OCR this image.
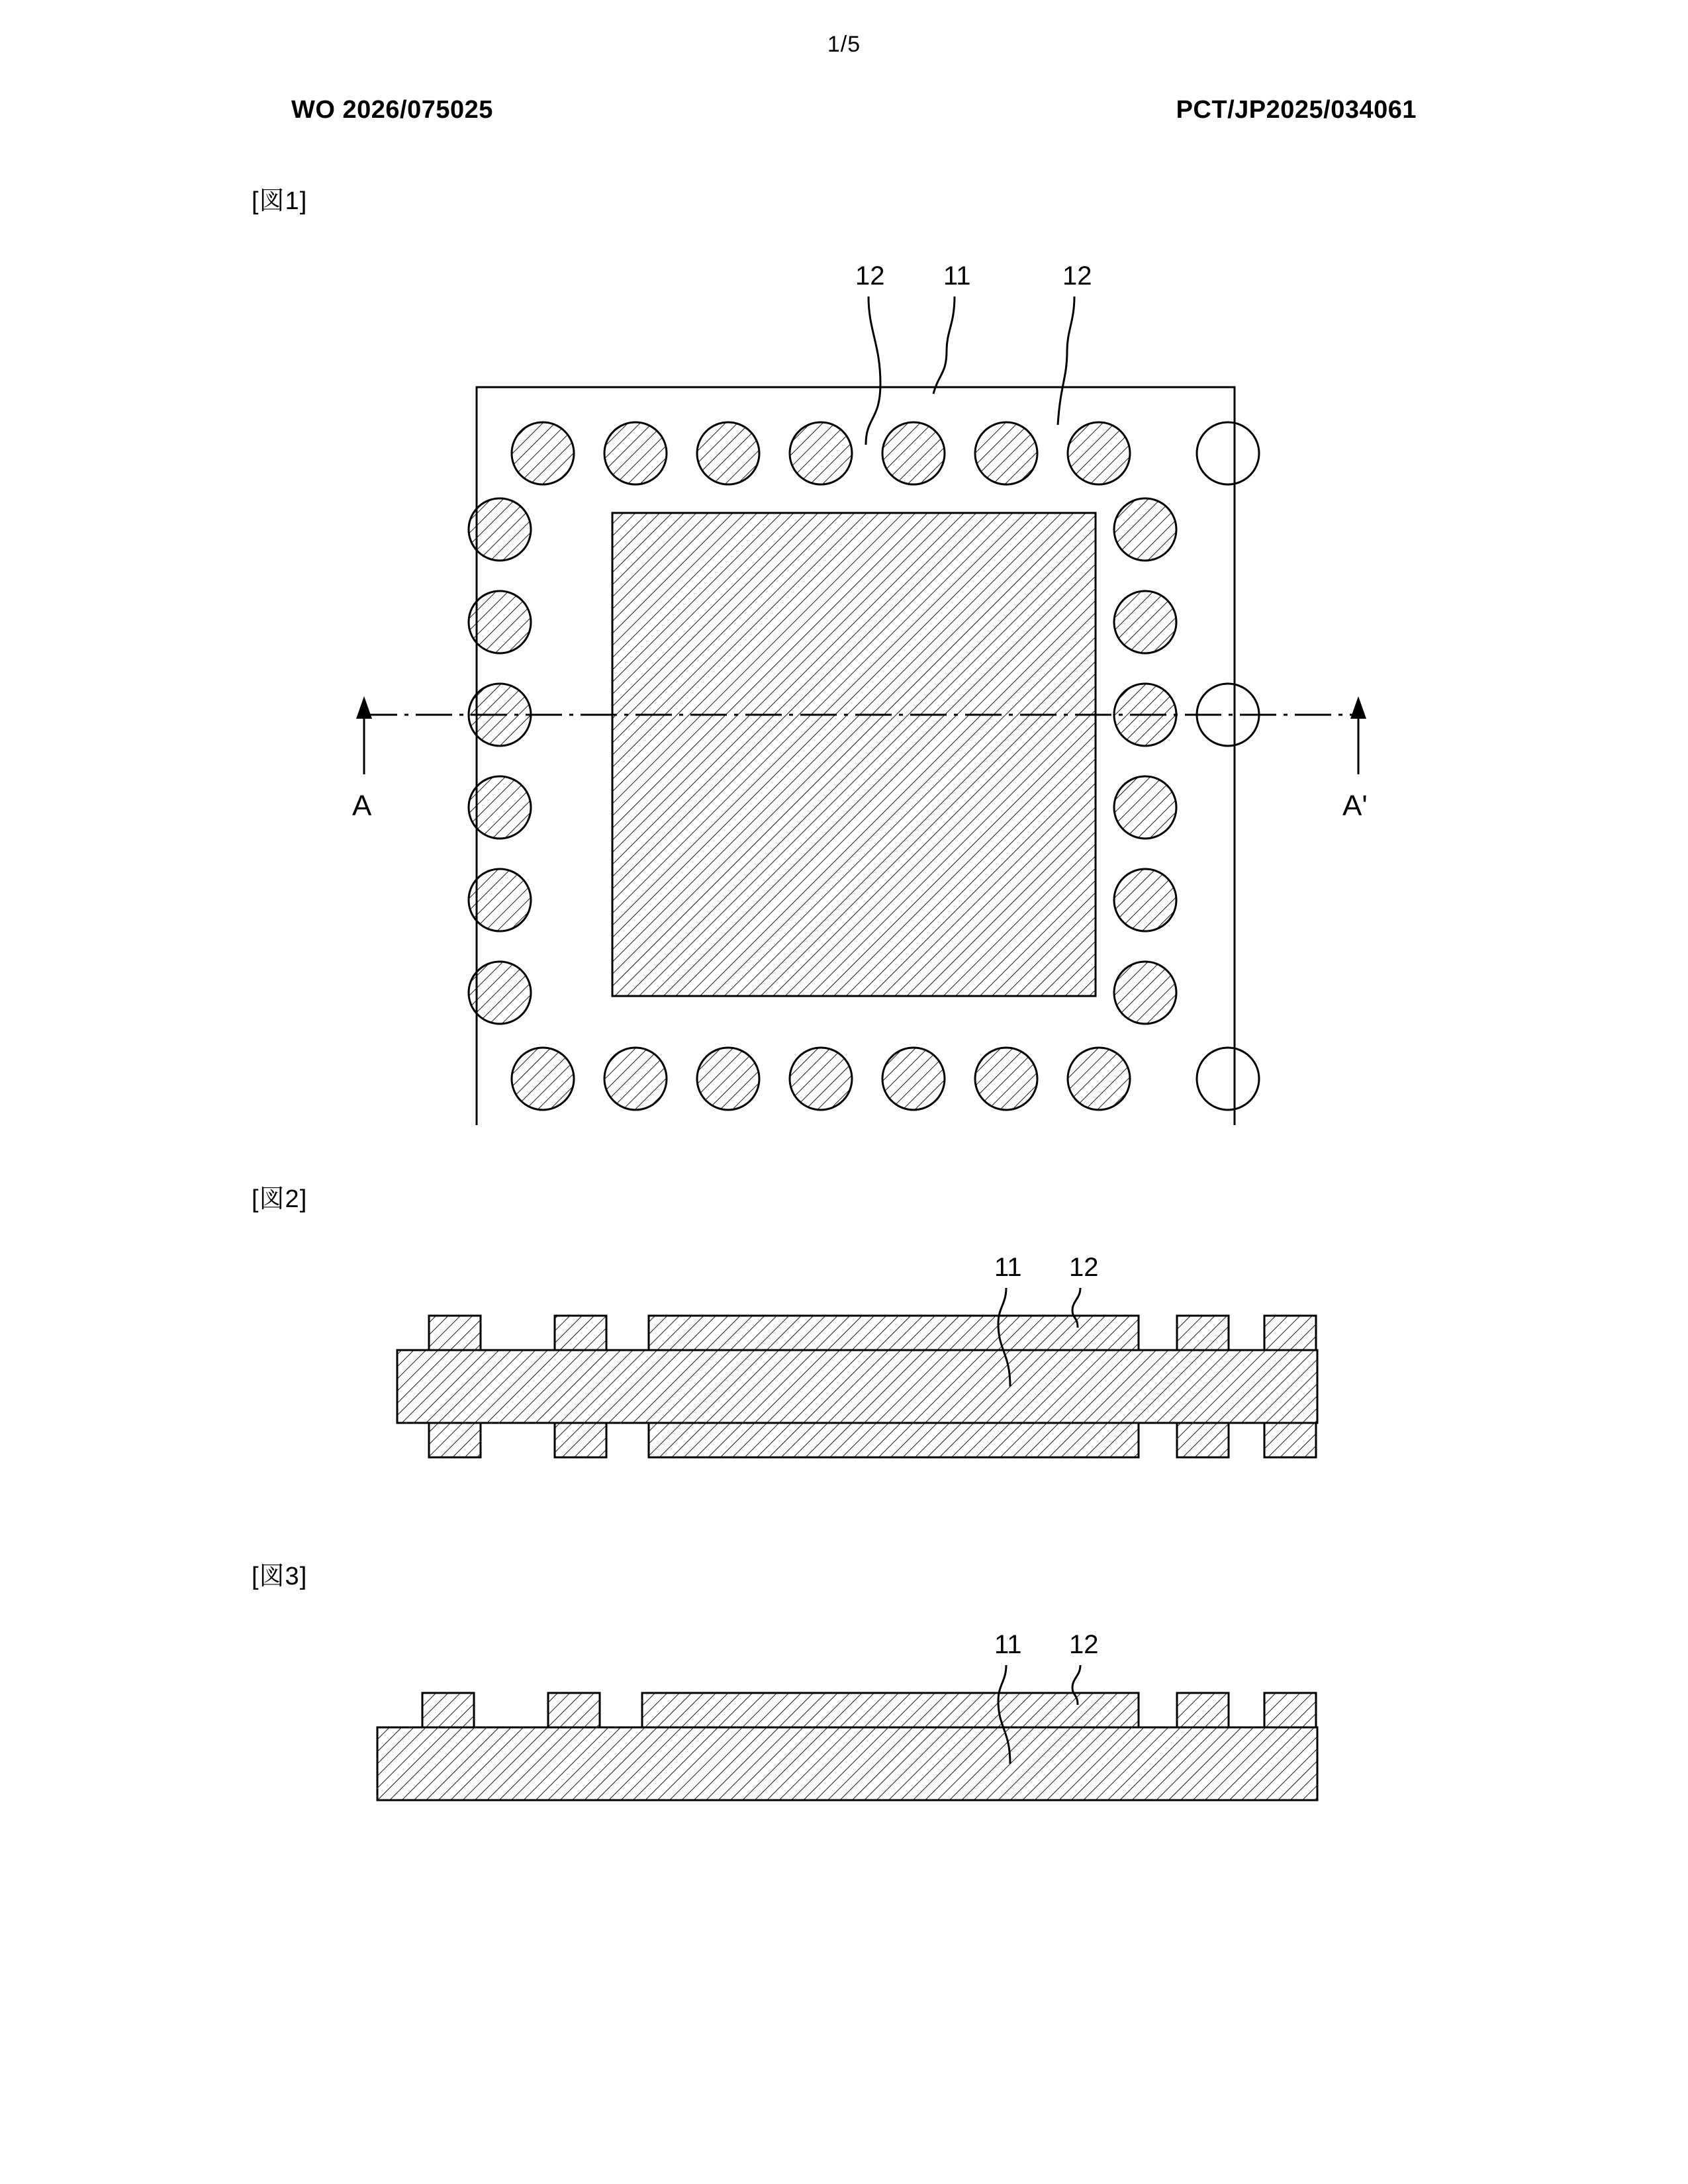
1/5
WO 2026/075025	PCT/JP2025/034061
[図1]
A	A'
12 11	12
[図2]
11 12
[図3]
11 12
